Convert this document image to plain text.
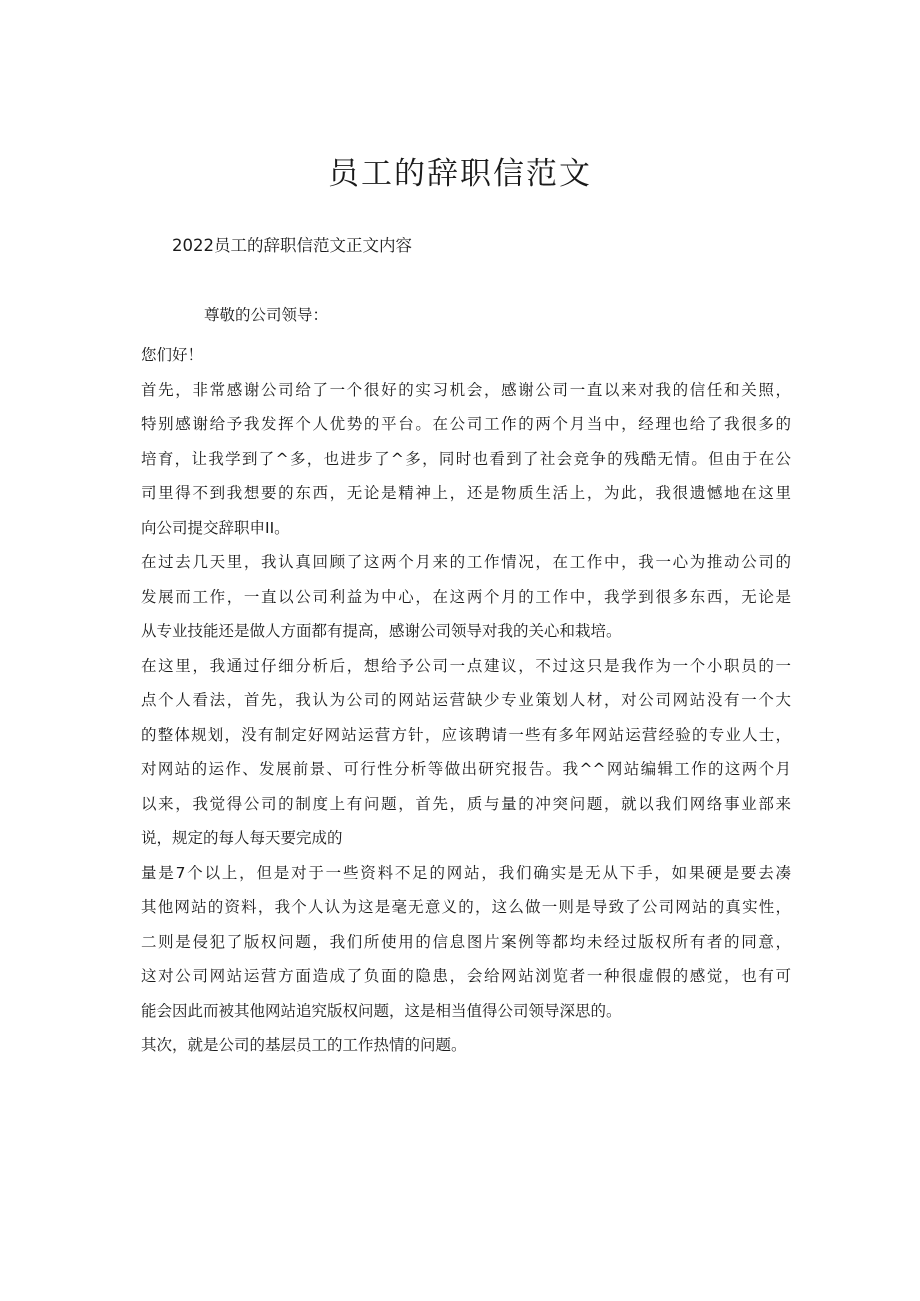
员工的辞职信范文

2022员工的辞职信范文正文内容

尊敬的公司领导：

您们好！
首先，非常感谢公司给了一个很好的实习机会，感谢公司一直以来对我的信任和关照，
特别感谢给予我发挥个人优势的平台。在公司工作的两个月当中，经理也给了我很多的
培育，让我学到了^多，也进步了^多，同时也看到了社会竞争的残酷无情。但由于在公
司里得不到我想要的东西，无论是精神上，还是物质生活上，为此，我很遗憾地在这里
向公司提交辞职申II。
在过去几天里，我认真回顾了这两个月来的工作情况，在工作中，我一心为推动公司的
发展而工作，一直以公司利益为中心，在这两个月的工作中，我学到很多东西，无论是
从专业技能还是做人方面都有提高，感谢公司领导对我的关心和栽培。
在这里，我通过仔细分析后，想给予公司一点建议，不过这只是我作为一个小职员的一
点个人看法，首先，我认为公司的网站运营缺少专业策划人材，对公司网站没有一个大
的整体规划，没有制定好网站运营方针，应该聘请一些有多年网站运营经验的专业人士，
对网站的运作、发展前景、可行性分析等做出研究报告。我^^网站编辑工作的这两个月
以来，我觉得公司的制度上有问题，首先，质与量的冲突问题，就以我们网络事业部来
说，规定的每人每天要完成的
量是7个以上，但是对于一些资料不足的网站，我们确实是无从下手，如果硬是要去凑
其他网站的资料，我个人认为这是毫无意义的，这么做一则是导致了公司网站的真实性，
二则是侵犯了版权问题，我们所使用的信息图片案例等都均未经过版权所有者的同意，
这对公司网站运营方面造成了负面的隐患，会给网站浏览者一种很虚假的感觉，也有可
能会因此而被其他网站追究版权问题，这是相当值得公司领导深思的。
其次，就是公司的基层员工的工作热情的问题。
